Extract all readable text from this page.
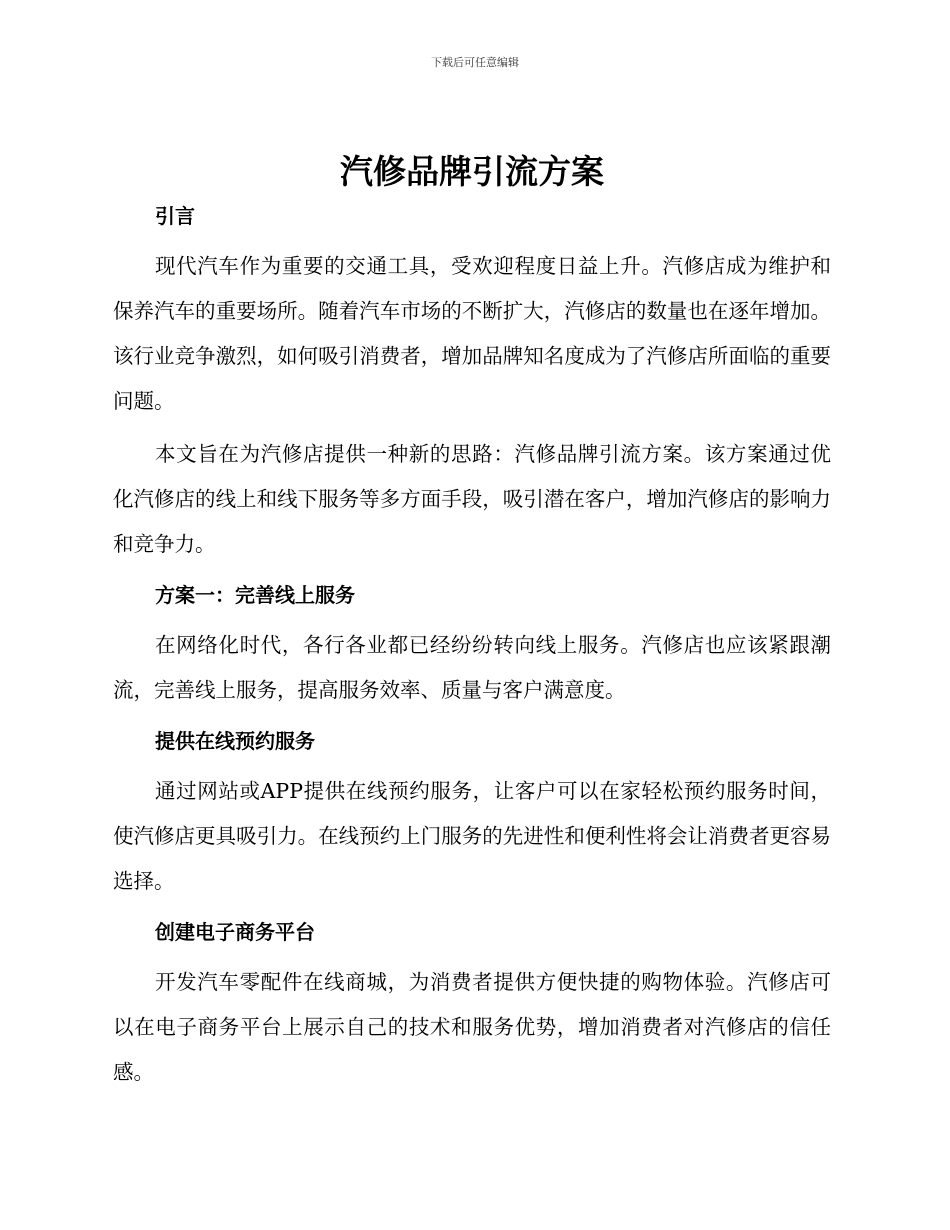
下载后可任意编辑
汽修品牌引流方案
引言

现代汽车作为重要的交通工具，受欢迎程度日益上升。汽修店成为维护和保养汽车的重要场所。随着汽车市场的不断扩大，汽修店的数量也在逐年增加。该行业竞争激烈，如何吸引消费者，增加品牌知名度成为了汽修店所面临的重要问题。

本文旨在为汽修店提供一种新的思路：汽修品牌引流方案。该方案通过优化汽修店的线上和线下服务等多方面手段，吸引潜在客户，增加汽修店的影响力和竞争力。

方案一：完善线上服务

在网络化时代，各行各业都已经纷纷转向线上服务。汽修店也应该紧跟潮流，完善线上服务，提高服务效率、质量与客户满意度。

提供在线预约服务

通过网站或APP提供在线预约服务，让客户可以在家轻松预约服务时间，使汽修店更具吸引力。在线预约上门服务的先进性和便利性将会让消费者更容易选择。

创建电子商务平台

开发汽车零配件在线商城，为消费者提供方便快捷的购物体验。汽修店可以在电子商务平台上展示自己的技术和服务优势，增加消费者对汽修店的信任感。
